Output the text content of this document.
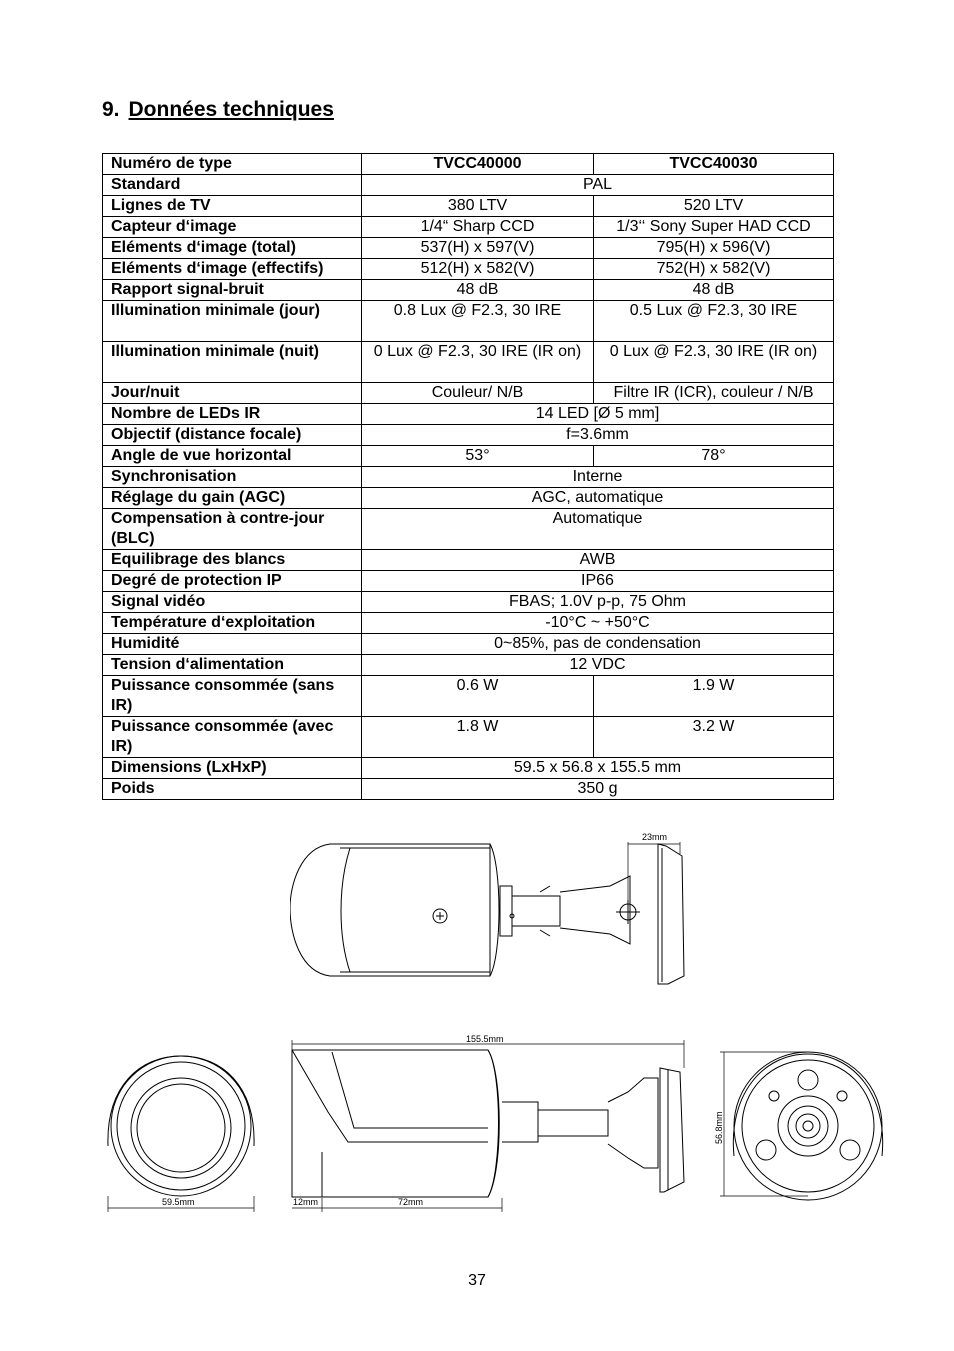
9. Données techniques
Numéro de type	TVCC40000	TVCC40030
Standard	PAL	
Lignes de TV	380 LTV	520 LTV
Capteur d‘image	1/4“ Sharp CCD	1/3‘‘ Sony Super HAD CCD
Eléments d‘image (total)	537(H) x 597(V)	795(H) x 596(V)
Eléments d‘image (effectifs)	512(H) x 582(V)	752(H) x 582(V)
Rapport signal-bruit	48 dB	48 dB
Illumination minimale (jour)	0.8 Lux @ F2.3, 30 IRE	0.5 Lux @ F2.3, 30 IRE
Illumination minimale (nuit)	0 Lux @ F2.3, 30 IRE (IR on)	0 Lux @ F2.3, 30 IRE (IR on)
Jour/nuit	Couleur/ N/B	Filtre IR (ICR), couleur / N/B
Nombre de LEDs IR	14 LED [Ø 5 mm]	
Objectif (distance focale)	f=3.6mm	
Angle de vue horizontal	53°	78°
Synchronisation	Interne	
Réglage du gain (AGC)	AGC, automatique	
Compensation à contre-jour (BLC)	Automatique	
Equilibrage des blancs	AWB	
Degré de protection IP	IP66	
Signal vidéo	FBAS; 1.0V p-p, 75 Ohm	
Température d‘exploitation	-10°C ~ +50°C	
Humidité	0~85%, pas de condensation	
Tension d‘alimentation	12 VDC	
Puissance consommée (sans IR)	0.6 W	1.9 W
Puissance consommée (avec IR)	1.8 W	3.2 W
Dimensions (LxHxP)	59.5 x 56.8 x 155.5 mm	
Poids	350 g	
23mm
59.5mm
155.5mm
12mm	72mm
56.8mm
37
